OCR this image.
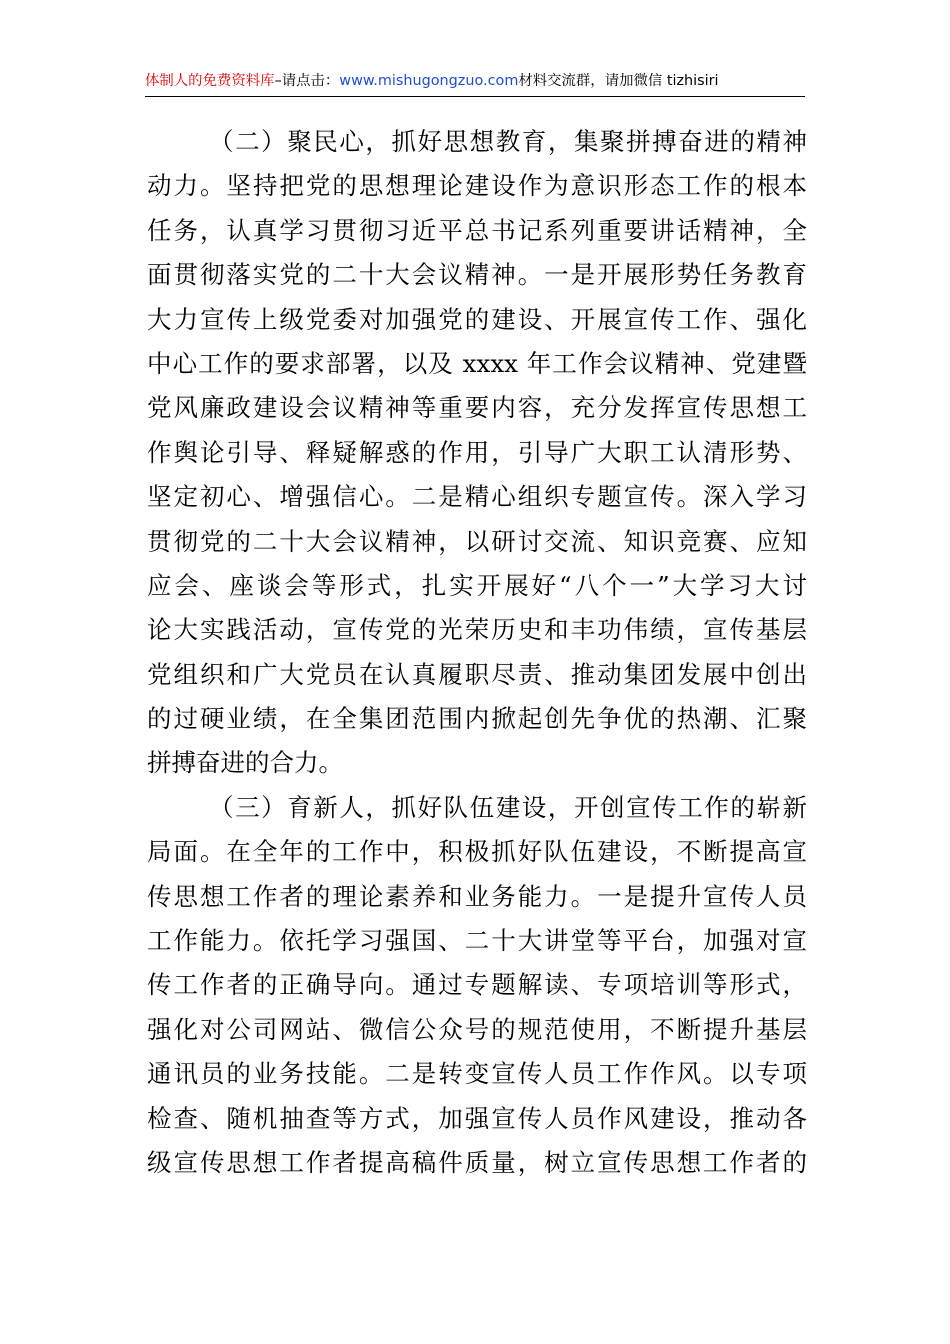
体制人的免费资料库–请点击：www.mishugongzuo.com材料交流群，请加微信 tizhisiri
（二）聚民心，抓好思想教育，集聚拼搏奋进的精神
动力。坚持把党的思想理论建设作为意识形态工作的根本
任务，认真学习贯彻习近平总书记系列重要讲话精神，全
面贯彻落实党的二十大会议精神。一是开展形势任务教育
大力宣传上级党委对加强党的建设、开展宣传工作、强化
中心工作的要求部署，以及 xxxx 年工作会议精神、党建暨
党风廉政建设会议精神等重要内容，充分发挥宣传思想工
作舆论引导、释疑解惑的作用，引导广大职工认清形势、
坚定初心、增强信心。二是精心组织专题宣传。深入学习
贯彻党的二十大会议精神，以研讨交流、知识竞赛、应知
应会、座谈会等形式，扎实开展好“八个一”大学习大讨
论大实践活动，宣传党的光荣历史和丰功伟绩，宣传基层
党组织和广大党员在认真履职尽责、推动集团发展中创出
的过硬业绩，在全集团范围内掀起创先争优的热潮、汇聚
拼搏奋进的合力。
（三）育新人，抓好队伍建设，开创宣传工作的崭新
局面。在全年的工作中，积极抓好队伍建设，不断提高宣
传思想工作者的理论素养和业务能力。一是提升宣传人员
工作能力。依托学习强国、二十大讲堂等平台，加强对宣
传工作者的正确导向。通过专题解读、专项培训等形式，
强化对公司网站、微信公众号的规范使用，不断提升基层
通讯员的业务技能。二是转变宣传人员工作作风。以专项
检查、随机抽查等方式，加强宣传人员作风建设，推动各
级宣传思想工作者提高稿件质量，树立宣传思想工作者的
